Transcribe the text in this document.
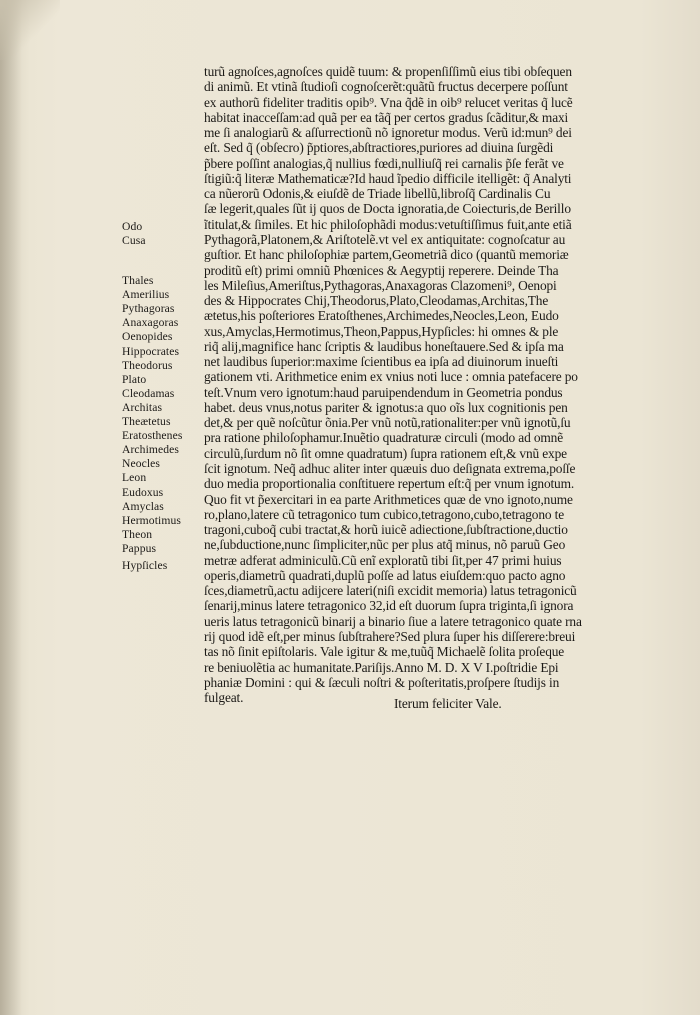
Odo
Cusa
Thales
Amerilius
Pythagoras
Anaxagoras
Oenopides
Hippocrates
Theodorus
Plato
Cleodamas
Architas
Theætetus
Eratosthenes
Archimedes
Neocles
Leon
Eudoxus
Amyclas
Hermotimus
Theon
Pappus
Hypſicles
Iterum feliciter Vale.
turũ agnoſces,agnoſces quidẽ tuum: & propenſiſſimũ eius tibi obſequen
di animũ. Et vtinã ſtudioſi cognoſcerẽt:quãtũ fructus decerpere poſſunt
ex authorũ fideliter traditis opib⁹. Vna q̃dẽ in oib⁹ relucet veritas q̃ lucẽ
habitat inacceſſam:ad quã per ea tãq̃ per certos gradus ſcãditur,& maxi
me ſi analogiarũ & aſſurrectionũ nõ ignoretur modus. Verũ id:mun⁹ dei
eſt. Sed q̃ (obſecro) p̃ptiores,abſtractiores,puriores ad diuina ſurgẽdi
p̃bere poſſint analogias,q̃ nullius fœdi,nulliuſq̃ rei carnalis p̃ſe ferãt ve
ſtigiũ:q̃ literæ Mathematicæ?Id haud ĩpedio difficile itelligẽt: q̃ Analyti
ca nũerorũ Odonis,& eiuſdẽ de Triade libellũ,libroſq̃ Cardinalis Cu
ſæ legerit,quales ſũt ij quos de Docta ignoratia,de Coiecturis,de Berillo
ĩtitulat,& ſimiles. Et hic philoſophãdi modus:vetuſtiſſimus fuit,ante etiã
Pythagorã,Platonem,& Ariſtotelẽ.vt vel ex antiquitate: cognoſcatur au
guſtior. Et hanc philoſophiæ partem,Geometriã dico (quantũ memoriæ
proditũ eſt) primi omniũ Phœnices & Aegyptij reperere. Deinde Tha
les Mileſius,Ameriſtus,Pythagoras,Anaxagoras Clazomeni⁹, Oenopi
des & Hippocrates Chij,Theodorus,Plato,Cleodamas,Architas,The
ætetus,his poſteriores Eratoſthenes,Archimedes,Neocles,Leon, Eudo
xus,Amyclas,Hermotimus,Theon,Pappus,Hypſicles: hi omnes & ple
riq̃ alij,magnifice hanc ſcriptis & laudibus honeſtauere.Sed & ipſa ma
net laudibus ſuperior:maxime ſcientibus ea ipſa ad diuinorum inueſti
gationem vti. Arithmetice enim ex vnius noti luce : omnia patefacere po
teſt.Vnum vero ignotum:haud paruipendendum in Geometria pondus
habet. deus vnus,notus pariter & ignotus:a quo oĩs lux cognitionis pen
det,& per quẽ noſcũtur õnia.Per vnũ notũ,rationaliter:per vnũ ignotũ,ſu
pra ratione philoſophamur.Inuẽtio quadraturæ circuli (modo ad omnẽ
circulũ,ſurdum nõ ſit omne quadratum) ſupra rationem eſt,& vnũ expe
ſcit ignotum. Neq̃ adhuc aliter inter quæuis duo deſignata extrema,poſſe
duo media proportionalia conſtituere repertum eſt:q̃ per vnum ignotum.
Quo fit vt p̃exercitari in ea parte Arithmetices quæ de vno ignoto,nume
ro,plano,latere cũ tetragonico tum cubico,tetragono,cubo,tetragono te
tragoni,cuboq̃ cubi tractat,& horũ iuicẽ adiectione,ſubſtractione,ductio
ne,ſubductione,nunc ſimpliciter,nũc per plus atq̃ minus, nõ paruũ Geo
metræ adferat adminiculũ.Cũ enĩ exploratũ tibi ſit,per 47 primi huius
operis,diametrũ quadrati,duplũ poſſe ad latus eiuſdem:quo pacto agno
ſces,diametrũ,actu adijcere lateri(niſi excidit memoria) latus tetragonicũ
ſenarij,minus latere tetragonico 32,id eſt duorum ſupra triginta,ſi ignora
ueris latus tetragonicũ binarij a binario ſiue a latere tetragonico quate rna
rij quod idẽ eſt,per minus ſubſtrahere?Sed plura ſuper his diſſerere:breui
tas nõ ſinit epiſtolaris. Vale igitur & me,tuũq̃ Michaelẽ ſolita proſeque
re beniuolẽtia ac humanitate.Pariſijs.Anno M. D. X V I.poſtridie Epi
phaniæ Domini : qui & ſæculi noſtri & poſteritatis,proſpere ſtudijs in
fulgeat.
